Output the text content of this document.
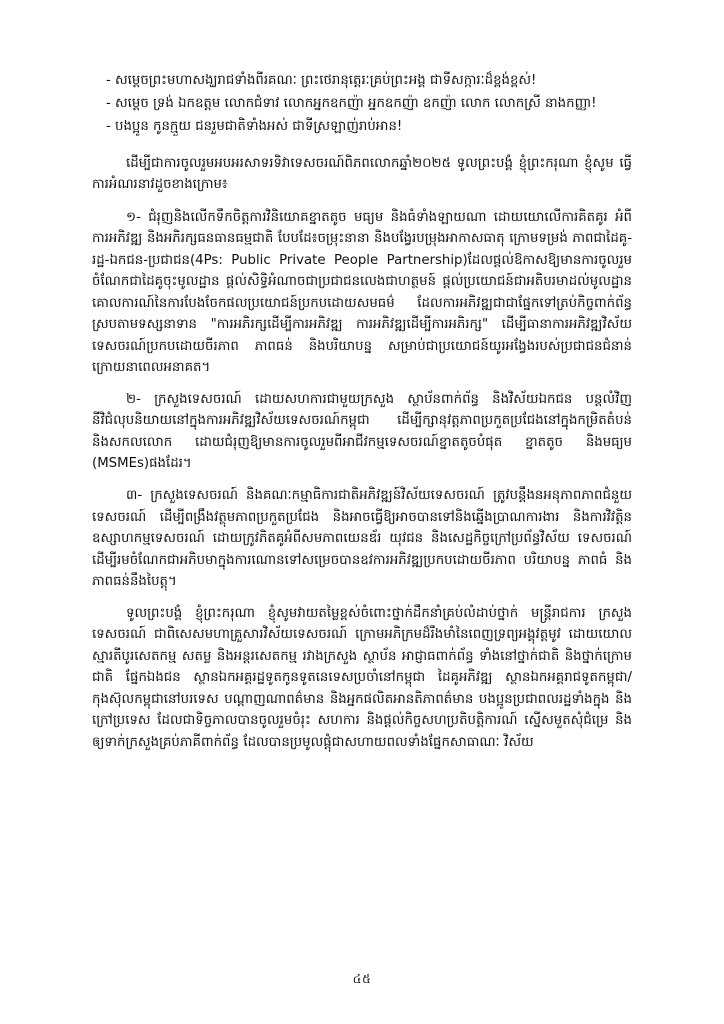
- សម្តេចព្រះមហាសង្ឃរាជទាំងពីរគណៈ ព្រះថេរានុត្តេរៈគ្រប់ព្រះអង្គ ជាទីសក្ការៈដ៏ខ្ពង់ខ្ពស់!

- សម្តេច ទ្រង់ ឯកឧត្តម លោកជំទាវ លោកអ្នកឧកញ៉ា អ្នកឧកញ៉ា ឧកញ៉ា លោក លោកស្រី នាងកញ្ញា!

- បងប្អូន កូនក្មួយ ជនរួមជាតិទាំងអស់ ជាទីស្រឡាញ់រាប់អាន!

ដើម្បីជាការចូលរួមអបអរសាទរទិវាទេសចរណ៍ពិភពលោកឆ្នាំ២០២៥ ទូលព្រះបង្គំ ខ្ញុំព្រះករុណា ខ្ញុំសូម ធ្វើការអំណរនាវដួចខាងក្រោម៖

១- ជំរុញនិងលើកទឹកចិត្តការវិនិយោគខ្នាតតូច មធ្យម និងធំទាំងឡាយណា ដោយយោលើការគិតគូរ អំពីការអភិវឌ្ឍ និងអភិរក្សធនធានធម្មជាតិ បែបដែ៖ចម្រុះនានា និងបង្វែរបម្រុងអាកាសធាតុ ក្រោមទម្រង់ ភាពជាដៃគូ-រដ្ឋ-ឯកជន-ប្រជាជន(4Ps: Public Private People Partnership)ដែលផ្តល់ឱកាសឱ្យមានការចូលរួមចំណែកជាដៃគូចុះមូលដ្ឋាន ផ្តល់សិទ្ធិអំណាចជាប្រជាជនលេងជាហត្ថមន៍ ផ្តល់ប្រយោជន៍ជាអតិបរមាដល់មូលដ្ឋាន គោលការណ៍នៃការបែងចែកផលប្រយោជន៍ប្រកបដោយសមធម៌ ដែលការអភិវឌ្ឍជាជាផ្នែកទៅត្រប់កិច្ចពាក់ព័ន្ធ ស្របតាមទស្សនាទាន "ការអភិរក្សដើម្បីការអភិវឌ្ឍ ការអភិវឌ្ឍដើម្បីការអភិរក្ស" ដើម្បីធានាការអភិវឌ្ឍវិស័យទេសចរណ៍ប្រកបដោយចីរភាព ភាពធន់ និងបរិយាបន្ន សម្រាប់ជាប្រយោជន៍យូរអង្វែងរបស់ប្រជាជនជំនាន់ក្រោយនាពេលអនាគត។

២- ក្រសួងទេសចរណ៍ ដោយសហការជាមួយក្រសួង ស្ថាប័នពាក់ព័ន្ធ និងវិស័យឯកជន បន្តលំវិញ នីវិជំលុបនិយាយនៅក្នុងការអភិវឌ្ឍវិស័យទេសចរណ៍កម្ពុជា ដើម្បីក្សានុវត្តភាពប្រកួតប្រជែងនៅក្នុងកម្រិតតំបន់ និងសកលលោក ដោយជំរុញឱ្យមានការចូលរួមពីអាជីវកម្មទេសចរណ៍ខ្នាតតូចបំផុត ខ្នាតតូច និងមធ្យម (MSMEs)ផងដែរ។

៣- ក្រសួងទេសចរណ៍ និងគណៈកម្មាធិការជាតិអភិវឌ្ឍន៍វិស័យទេសចរណ៍ ត្រូវបន្តឹងនអនុភាពភាពជំនួយទេសចរណ៍ ដើម្បីពង្រឹងវត្ថុមភាពប្រកួតប្រជែង និងអាចធ្វើឱ្យអាចបានទៅនិងឆ្នើងប្រាណការងារ និងការវិវត្តិន ឧស្សាហកម្មទេសចរណ៍ ដោយក្រូវភិតគូអំពីសមភាពយេនឌ័រ យុវជន និងសេដ្ឋកិច្ចក្រៅប្រព័ន្ធវិស័យ ទេសចរណ៍ ដើម្បីរមចំណែកជាអភិបមាក្នុងការណោនទៅសម្រេចបានឧវការអភិវឌ្ឍប្រកបដោយចីរភាព បរិយាបន្ន ភាពធំ និងភាពធន់នឹងបៃត្តុ។

ទូលព្រះបង្គំ ខ្ញុំព្រះករុណា ខ្ញុំសូមវាយតម្លៃខ្ពស់ចំពោះថ្នាក់ដឹកនាំគ្រប់លំដាប់ថ្នាក់ មន្រ្តីរាជការ ក្រសួងទេសចរណ៍ ជាពិសេសមហាគ្រួសារវិស័យទេសចរណ៍ ក្រោមអភិក្រមដ៏រឹងមាំនៃពេញទ្រព្យអង្គុវត្តមូវ ដោយយោលស្មារតីបូរសេតកម្ម សតម្ល និងអន្តរសេតកម្ម រវាងក្រសួង ស្ថាប័ន អាជ្ញាធពាក់ព័ន្ធ ទាំងនៅថ្នាក់ជាតិ និងថ្នាក់ក្រោមជាតិ ផ្នែកឯងជន ស្ថានឯកអគ្គរដ្ឋទូតកូនទូតនេទេសប្រចាំនៅកម្ពុជា ដៃគូអភិវឌ្ឍ ស្ថានឯកអគ្គរាជទូតកម្ពុជា/កុងស៊ុលកម្ពុជានៅបរទេស បណ្តាញណាពត៌មាន និងអ្នកផលិតអានតិភាពត៌មាន បងប្អូនប្រជាពលរដ្ឋទាំងក្នុង និងក្រៅប្រទេស ដែលជាទិច្ចភាលបានចូលរួមចំរុះ សហការ និងផ្តល់កិច្ចសហប្រតិបត្តិការណ៍ ស្នើសមួតសុំជំម្រេ និងឲ្យទាក់ក្រសួងគ្រប់ភាគីពាក់ព័ន្ធ ដែលបានប្រមូលផ្តុំជាសហាយពលទាំងផ្នែកសាធាណៈ វិស័យ

៤៥
